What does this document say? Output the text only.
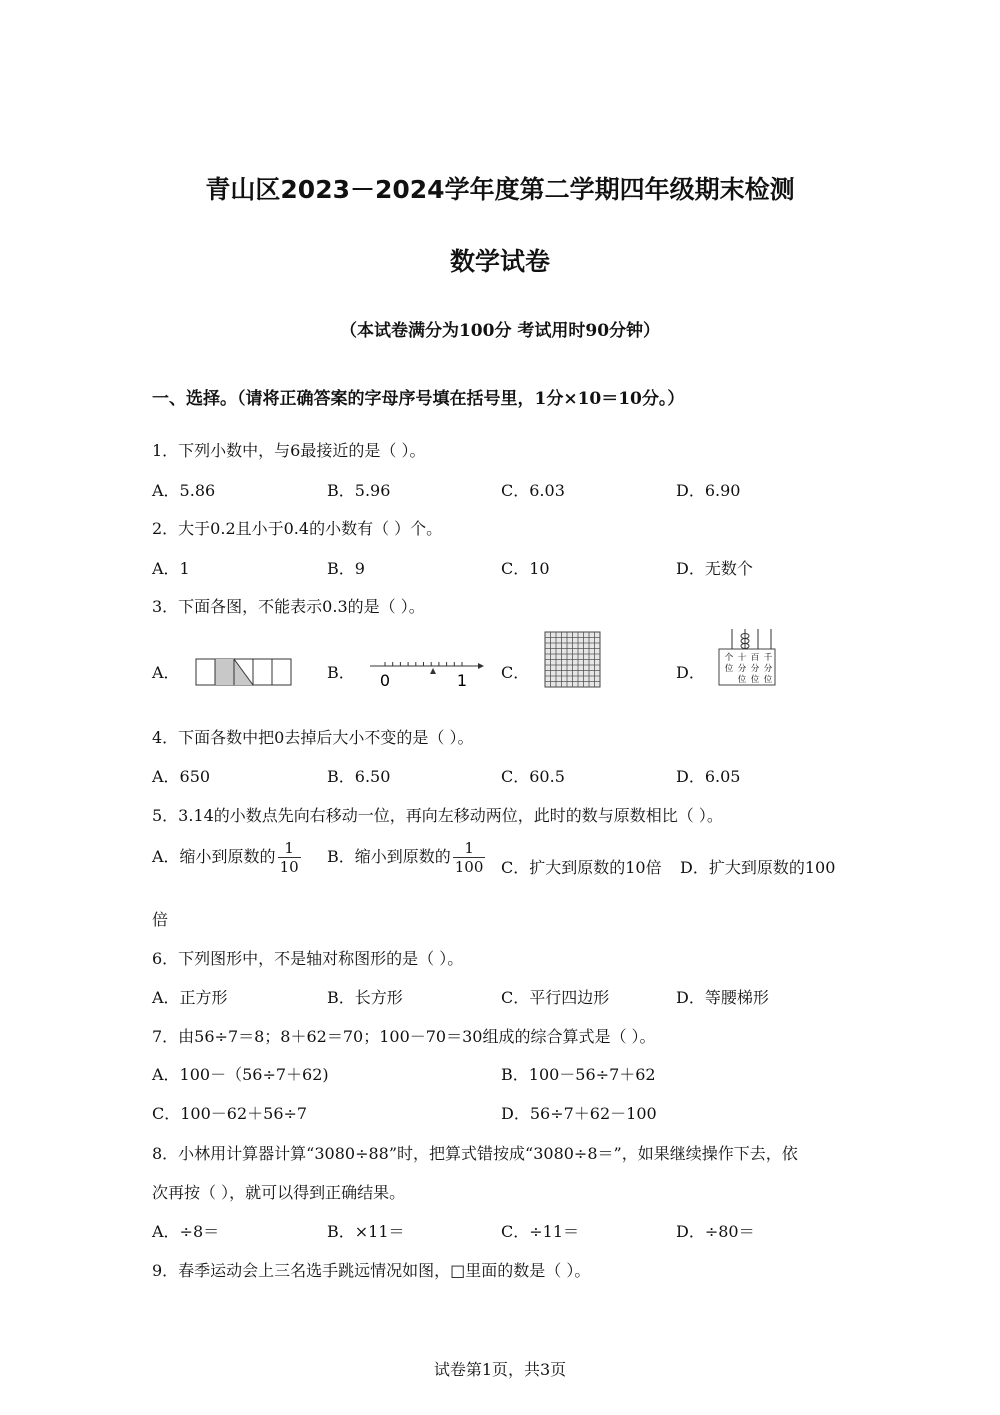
青山区2023－2024学年度第二学期四年级期末检测
数学试卷
（本试卷满分为100分 考试用时90分钟）
一、选择。（请将正确答案的字母序号填在括号里，1分×10＝10分。）
1．下列小数中，与6最接近的是（ ）。
A．5.86	B．5.96	C．6.03	D．6.90
2．大于0.2且小于0.4的小数有（ ）个。
A．1	B．9	C．10	D．无数个
3．下面各图，不能表示0.3的是（ ）。
A．	B．	C．	D．
0	1
个 十 百 千
位 分 分 分
位 位 位
4．下面各数中把0去掉后大小不变的是（ ）。
A．650	B．6.50	C．60.5	D．6.05
5．3.14的小数点先向右移动一位，再向左移动两位，此时的数与原数相比（ ）。
A．缩小到原数的 $\frac{1}{10}$ B．缩小到原数的 $\frac{1}{100}$ C．扩大到原数的10倍 D．扩大到原数的100
倍
6．下列图形中，不是轴对称图形的是（ ）。
A．正方形	B．长方形	C．平行四边形	D．等腰梯形
7．由56÷7＝8；8＋62＝70；100－70＝30组成的综合算式是（ ）。
A．100－（56÷7＋62)	B．100－56÷7＋62
C．100－62＋56÷7	D．56÷7＋62－100
8．小林用计算器计算“3080÷88”时，把算式错按成“3080÷8＝”，如果继续操作下去，依
次再按（ ），就可以得到正确结果。
A．÷8＝	B．×11＝	C．÷11＝	D．÷80＝
9．春季运动会上三名选手跳远情况如图，□里面的数是（ ）。
试卷第1页，共3页
